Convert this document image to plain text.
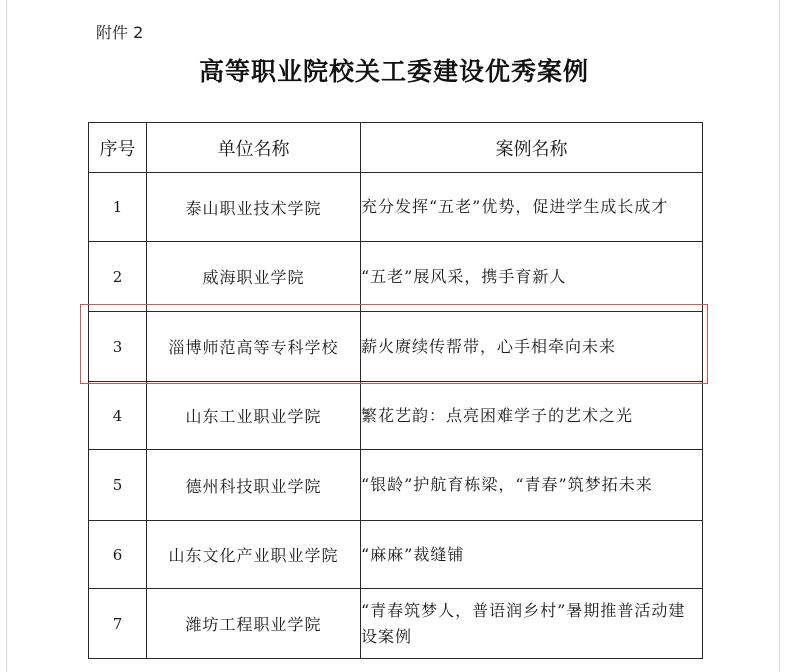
附件 2
高等职业院校关工委建设优秀案例
序号	单位名称	案例名称
1	泰山职业技术学院	充分发挥“五老”优势，促进学生成长成才
2	威海职业学院	“五老”展风采，携手育新人
3	淄博师范高等专科学校	薪火赓续传帮带，心手相牵向未来
4	山东工业职业学院	繁花艺韵：点亮困难学子的艺术之光
5	德州科技职业学院	“银龄”护航育栋梁，“青春”筑梦拓未来
6	山东文化产业职业学院	“麻麻”裁缝铺
7	潍坊工程职业学院	“青春筑梦人，普语润乡村”暑期推普活动建设案例
